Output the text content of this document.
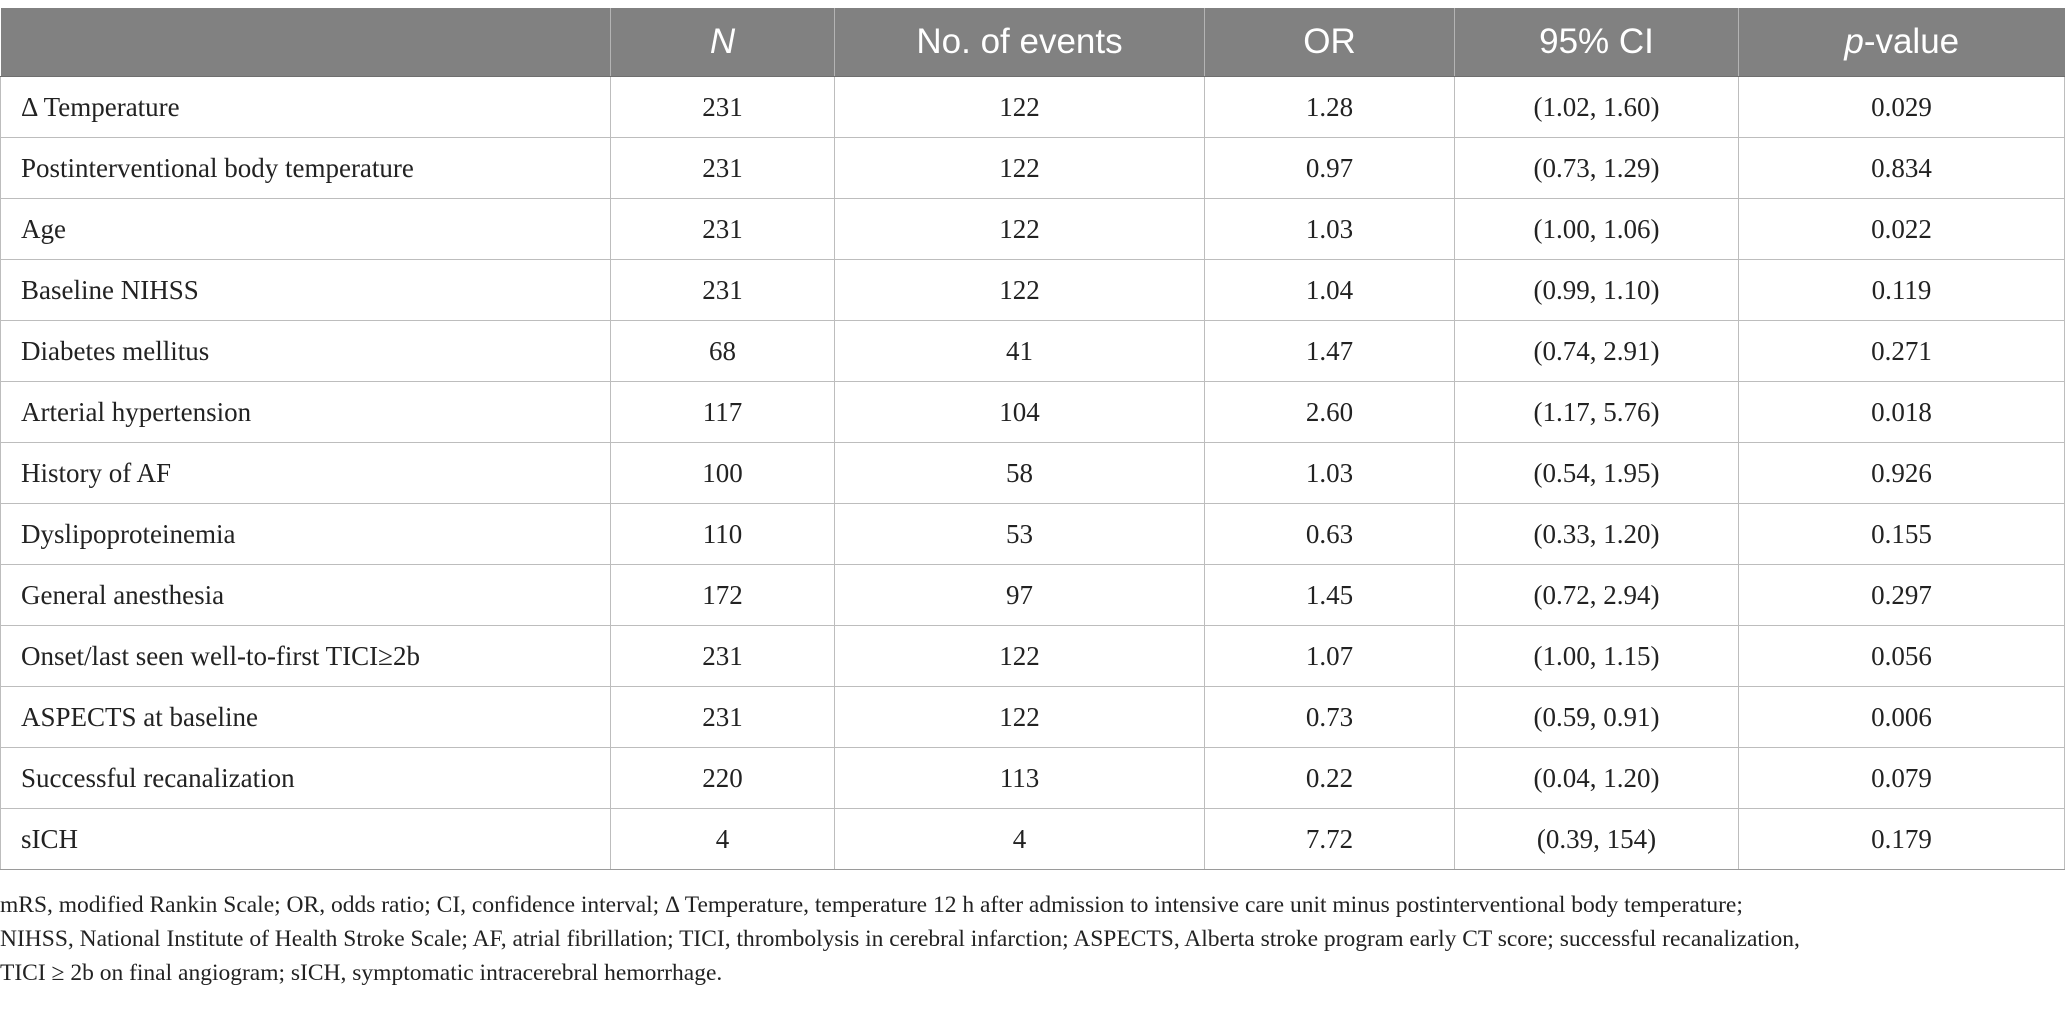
	N	No. of events	OR	95% CI	p-value
Δ Temperature	231	122	1.28	(1.02, 1.60)	0.029
Postinterventional body temperature	231	122	0.97	(0.73, 1.29)	0.834
Age	231	122	1.03	(1.00, 1.06)	0.022
Baseline NIHSS	231	122	1.04	(0.99, 1.10)	0.119
Diabetes mellitus	68	41	1.47	(0.74, 2.91)	0.271
Arterial hypertension	117	104	2.60	(1.17, 5.76)	0.018
History of AF	100	58	1.03	(0.54, 1.95)	0.926
Dyslipoproteinemia	110	53	0.63	(0.33, 1.20)	0.155
General anesthesia	172	97	1.45	(0.72, 2.94)	0.297
Onset/last seen well-to-first TICI≥2b	231	122	1.07	(1.00, 1.15)	0.056
ASPECTS at baseline	231	122	0.73	(0.59, 0.91)	0.006
Successful recanalization	220	113	0.22	(0.04, 1.20)	0.079
sICH	4	4	7.72	(0.39, 154)	0.179

mRS, modified Rankin Scale; OR, odds ratio; CI, confidence interval; Δ Temperature, temperature 12 h after admission to intensive care unit minus postinterventional body temperature;

NIHSS, National Institute of Health Stroke Scale; AF, atrial fibrillation; TICI, thrombolysis in cerebral infarction; ASPECTS, Alberta stroke program early CT score; successful recanalization,

TICI ≥ 2b on final angiogram; sICH, symptomatic intracerebral hemorrhage.
